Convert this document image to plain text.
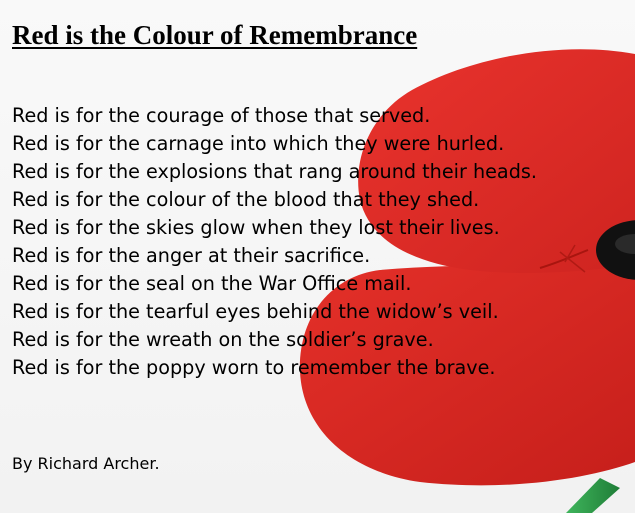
Red is the Colour of Remembrance
Red is for the courage of those that served.
Red is for the carnage into which they were hurled.
Red is for the explosions that rang around their heads.
Red is for the colour of the blood that they shed.
Red is for the skies glow when they lost their lives.
Red is for the anger at their sacrifice.
Red is for the seal on the War Office mail.
Red is for the tearful eyes behind the widow’s veil.
Red is for the wreath on the soldier’s grave.
Red is for the poppy worn to remember the brave.

By Richard Archer.
